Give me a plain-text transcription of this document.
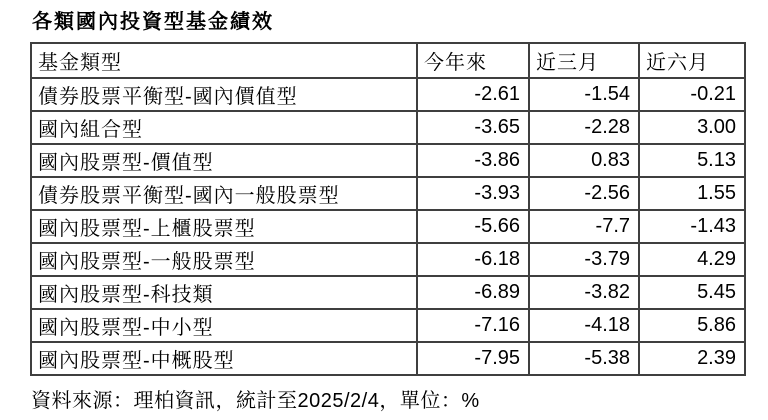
各類國內投資型基金績效
基金類型	今年來	近三月	近六月
債券股票平衡型-國內價值型	-2.61	-1.54	-0.21
國內組合型	-3.65	-2.28	3.00
國內股票型-價值型	-3.86	0.83	5.13
債券股票平衡型-國內一般股票型	-3.93	-2.56	1.55
國內股票型-上櫃股票型	-5.66	-7.7	-1.43
國內股票型-一般股票型	-6.18	-3.79	4.29
國內股票型-科技類	-6.89	-3.82	5.45
國內股票型-中小型	-7.16	-4.18	5.86
國內股票型-中概股型	-7.95	-5.38	2.39
資料來源：理柏資訊，統計至2025/2/4，單位：%
